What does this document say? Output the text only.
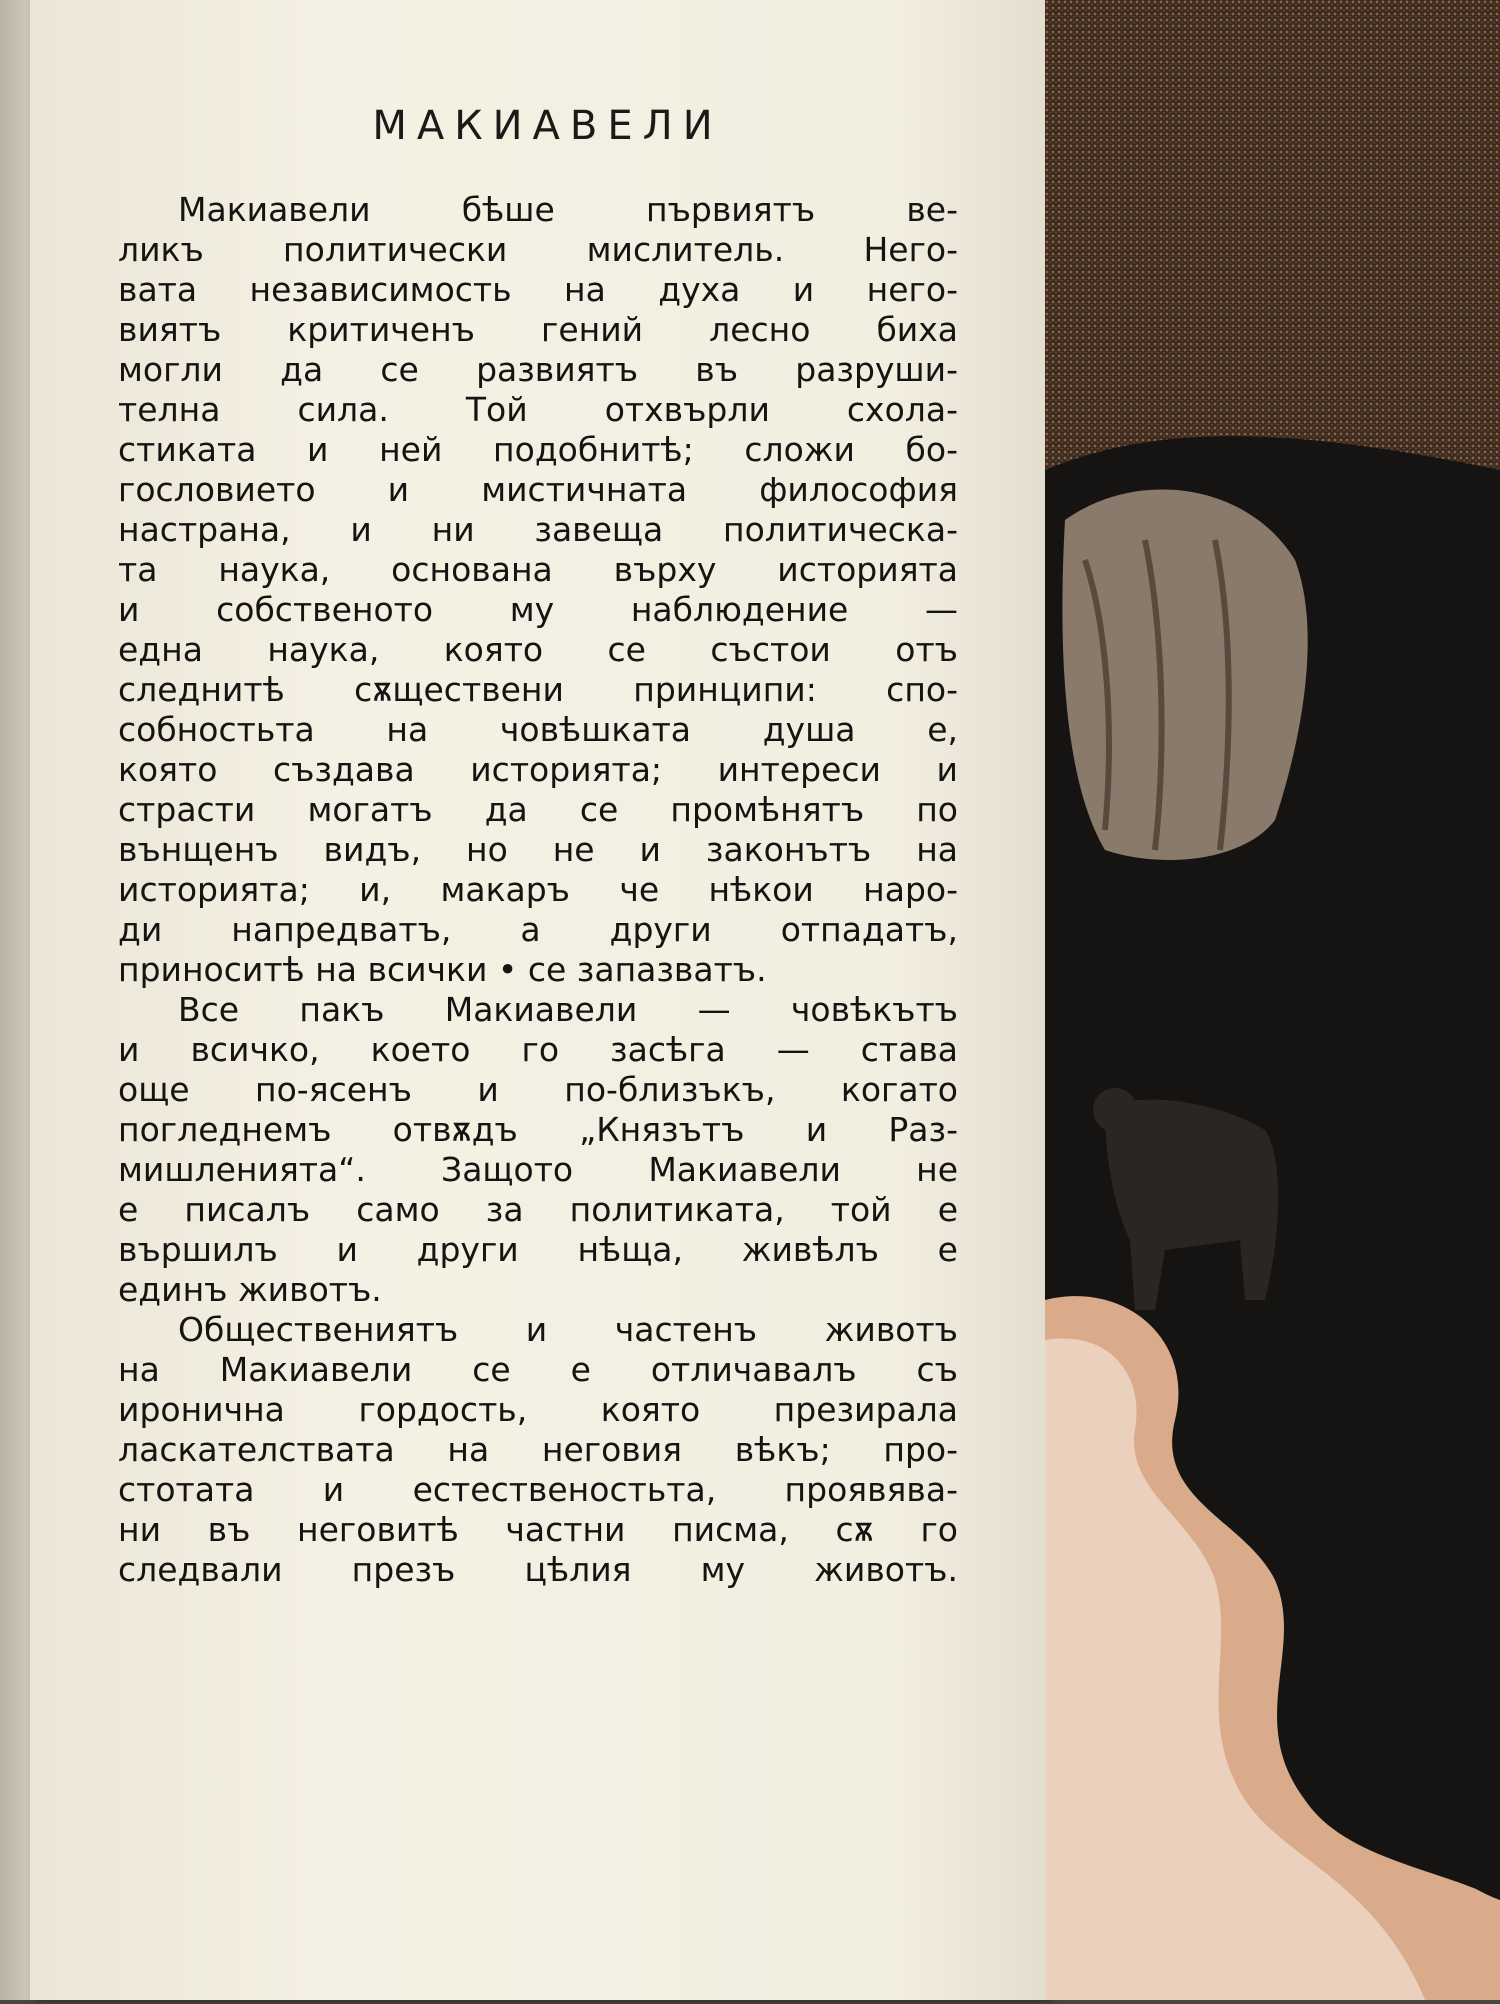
МАКИАВЕЛИ
Макиавели бѣше първиятъ ве-
ликъ политически мислитель. Него-
вата независимость на духа и него-
виятъ критиченъ гений лесно биха
могли да се развиятъ въ разруши-
телна сила. Той отхвърли схола-
стиката и ней подобнитѣ; сложи бо-
гословието и мистичната философия
настрана, и ни завеща политическа-
та наука, основана върху историята
и собственото му наблюдение —
една наука, която се състои отъ
следнитѣ сѫществени принципи: спо-
собностьта на човѣшката душа е,
която създава историята; интереси и
страсти могатъ да се промѣнятъ по
вънщенъ видъ, но не и законътъ на
историята; и, макаръ че нѣкои наро-
ди напредватъ, а други отпадатъ,
приноситѣ на всички • се запазватъ.
Все пакъ Макиавели — човѣкътъ
и всичко, което го засѣга — става
още по-ясенъ и по-близъкъ, когато
погледнемъ отвѫдъ „Князътъ и Раз-
мишленията“. Защото Макиавели не
е писалъ само за политиката, той е
вършилъ и други нѣща, живѣлъ е
единъ животъ.
Обществениятъ и частенъ животъ
на Макиавели се е отличавалъ съ
иронична гордость, която презирала
ласкателствата на неговия вѣкъ; про-
стотата и естественостьта, проявява-
ни въ неговитѣ частни писма, сѫ го
следвали презъ цѣлия му животъ.
